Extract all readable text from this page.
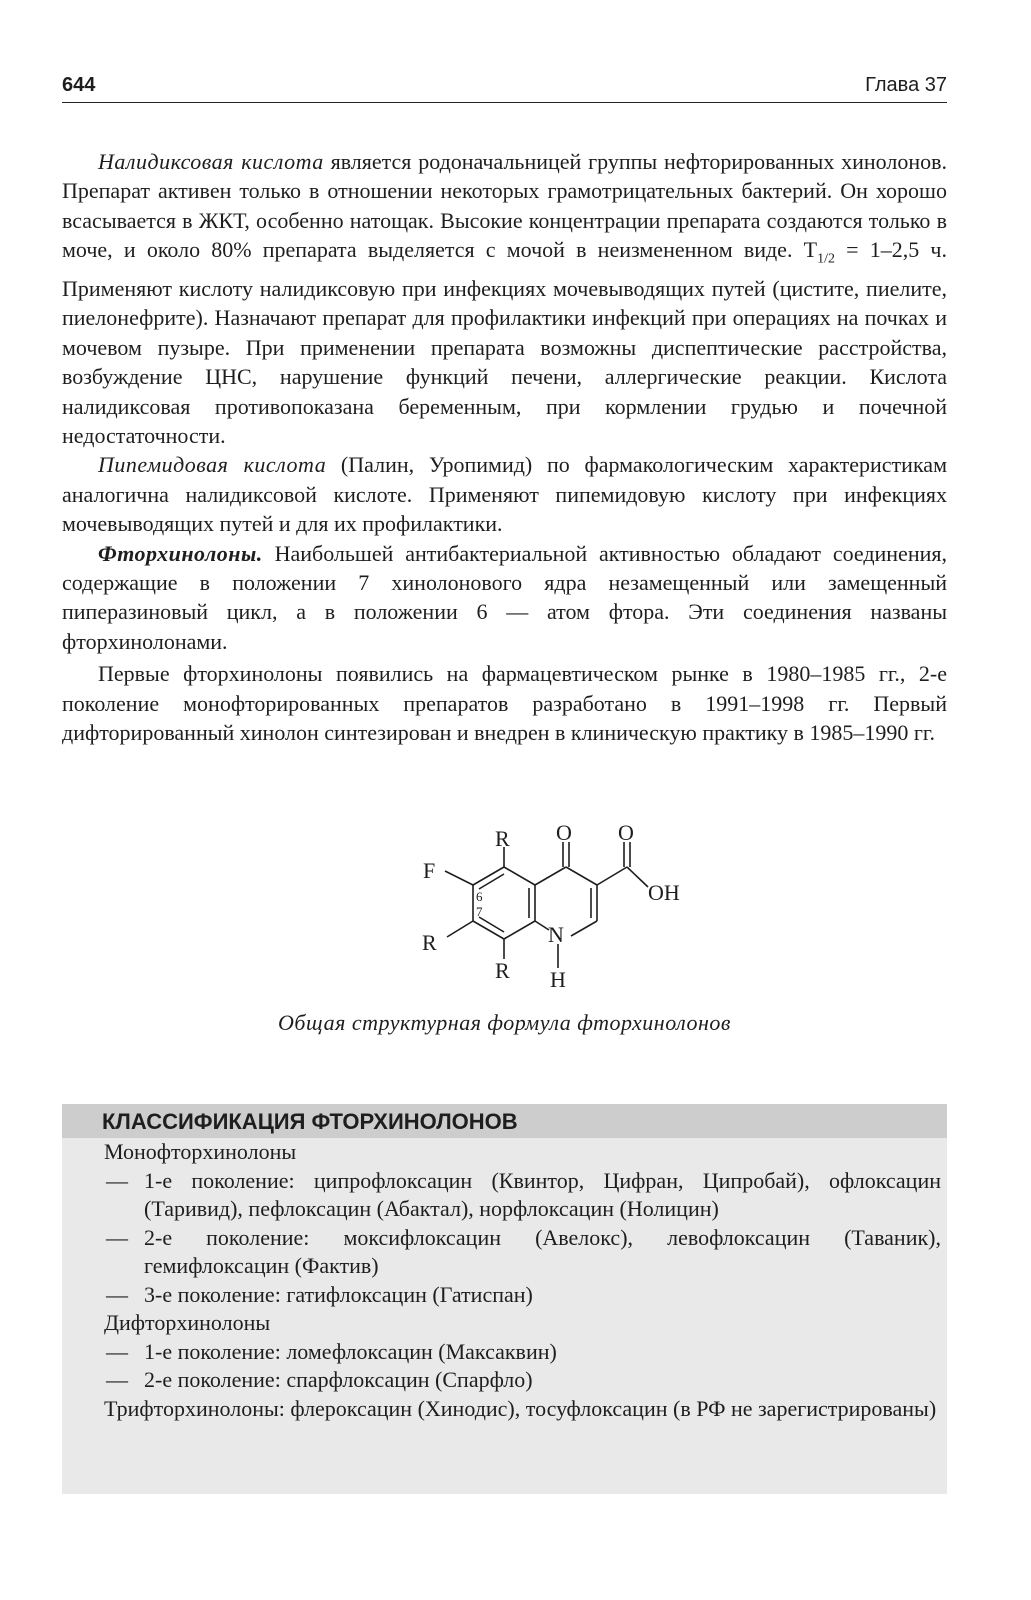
644	Глава 37

Налидиксовая кислота является родоначальницей группы нефторированных хинолонов. Препарат активен только в отношении некоторых грамотрицательных бактерий. Он хорошо всасывается в ЖКТ, особенно натощак. Высокие концентрации препарата создаются только в моче, и около 80% препарата выделяется с мочой в неизмененном виде. $T_{1/2} = 1-2,5$ ч. Применяют кислоту налидиксовую при инфекциях мочевыводящих путей (цистите, пиелите, пиелонефрите). Назначают препарат для профилактики инфекций при операциях на почках и мочевом пузыре. При применении препарата возможны диспептические расстройства, возбуждение ЦНС, нарушение функций печени, аллергические реакции. Кислота налидиксовая противопоказана беременным, при кормлении грудью и почечной недостаточности.

Пипемидовая кислота (Палин, Уропимид) по фармакологическим характеристикам аналогична налидиксовой кислоте. Применяют пипемидовую кислоту при инфекциях мочевыводящих путей и для их профилактики.

Фторхинолоны. Наибольшей антибактериальной активностью обладают соединения, содержащие в положении 7 хинолонового ядра незамещенный или замещенный пиперазиновый цикл, а в положении 6 — атом фтора. Эти соединения названы фторхинолонами.

Первые фторхинолоны появились на фармацевтическом рынке в 1980–1985 гг., 2-е поколение монофторированных препаратов разработано в 1991–1998 гг. Первый дифторированный хинолон синтезирован и внедрен в клиническую практику в 1985–1990 гг.

R O O
F
OH
R	N
R H
6
7
Общая структурная формула фторхинолонов
КЛАССИФИКАЦИЯ ФТОРХИНОЛОНОВ
Монофторхинолоны
— 1-е поколение: ципрофлоксацин (Квинтор, Цифран, Ципробай), офлоксацин (Таривид), пефлоксацин (Абактал), норфлоксацин (Нолицин)
— 2-е поколение: моксифлоксацин (Авелокс), левофлоксацин (Таваник), гемифлоксацин (Фактив)
— 3-е поколение: гатифлоксацин (Гатиспан)
Дифторхинолоны
— 1-е поколение: ломефлоксацин (Максаквин)
— 2-е поколение: спарфлоксацин (Спарфло)
Трифторхинолоны: флероксацин (Хинодис), тосуфлоксацин (в РФ не зарегистрированы)
